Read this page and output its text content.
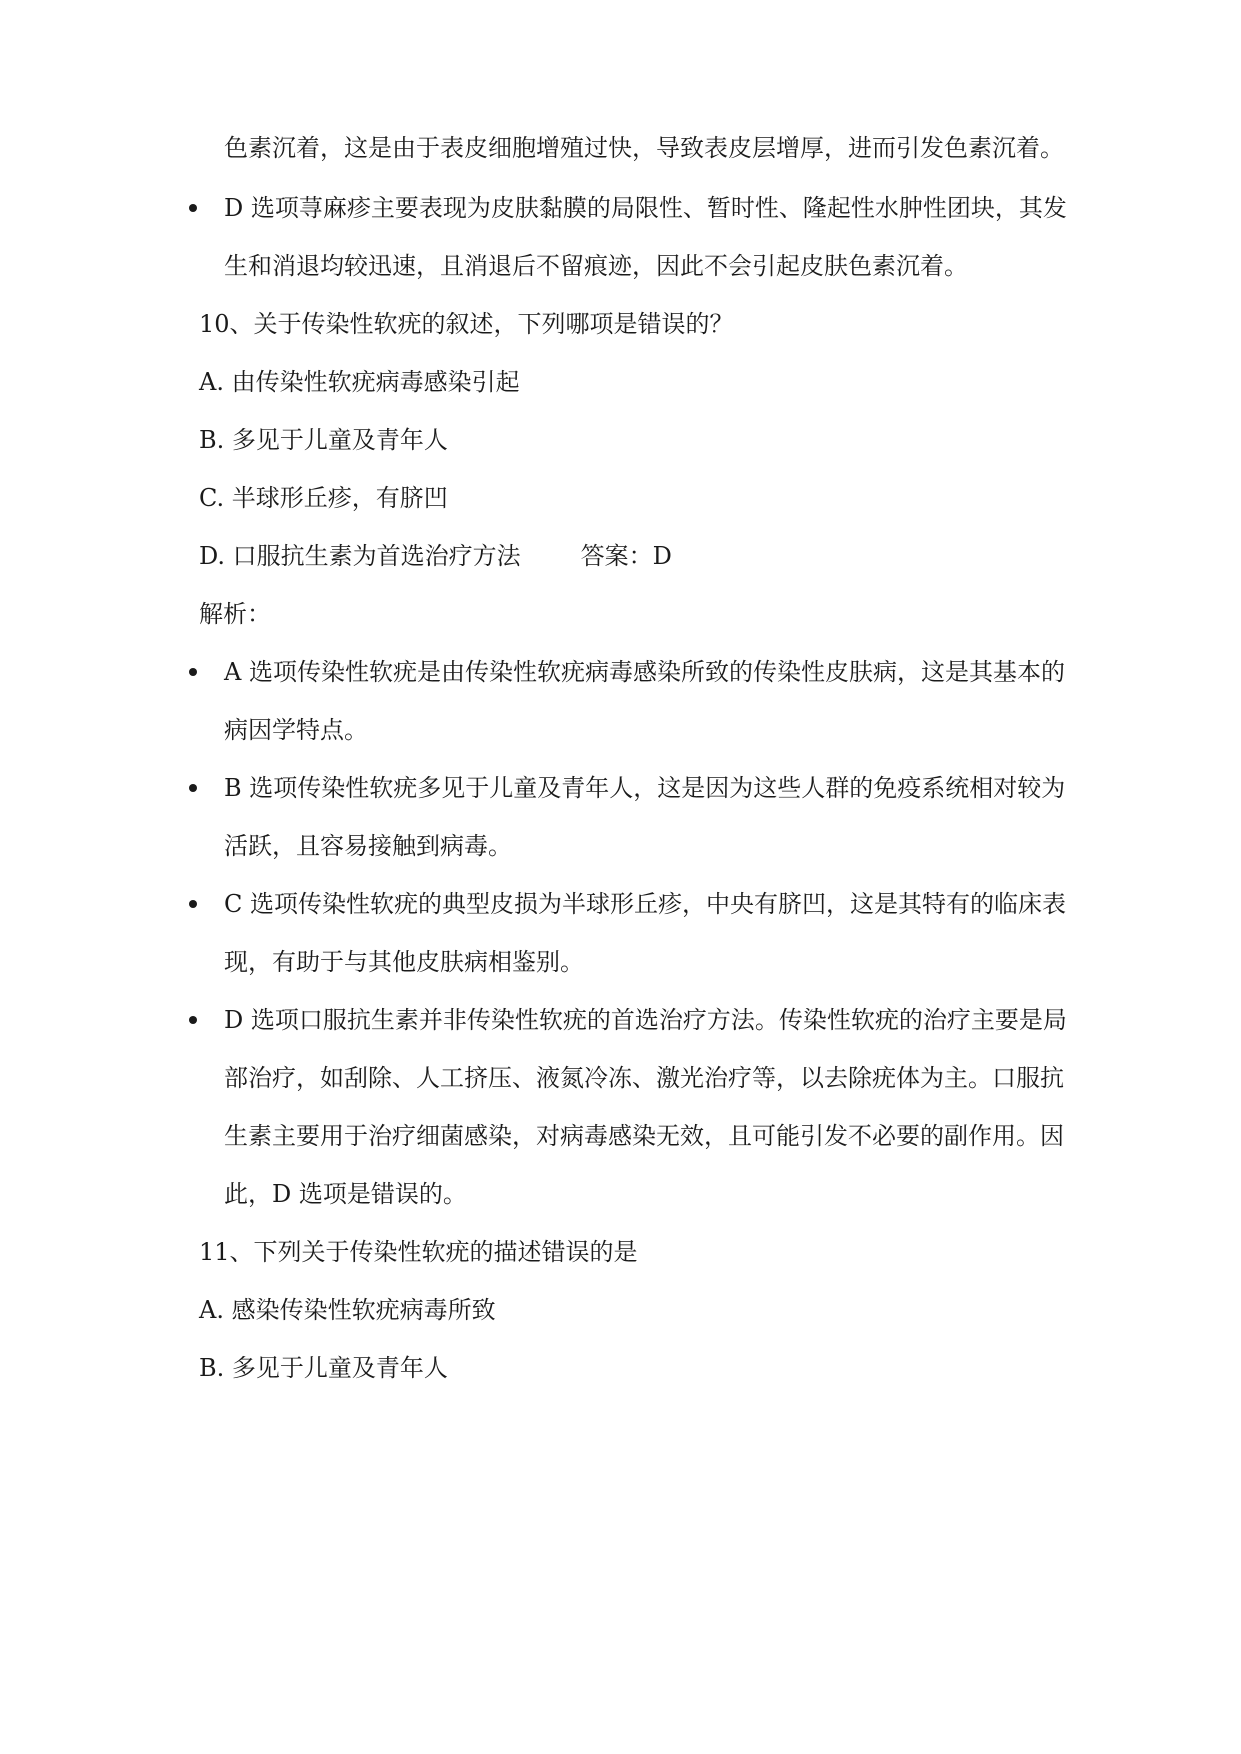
色素沉着，这是由于表皮细胞增殖过快，导致表皮层增厚，进而引发色素沉着。
D 选项荨麻疹主要表现为皮肤黏膜的局限性、暂时性、隆起性水肿性团块，其发
生和消退均较迅速，且消退后不留痕迹，因此不会引起皮肤色素沉着。
10、关于传染性软疣的叙述，下列哪项是错误的？
A. 由传染性软疣病毒感染引起
B. 多见于儿童及青年人
C. 半球形丘疹，有脐凹
D. 口服抗生素为首选治疗方法	答案：D
解析：
A 选项传染性软疣是由传染性软疣病毒感染所致的传染性皮肤病，这是其基本的
病因学特点。
B 选项传染性软疣多见于儿童及青年人，这是因为这些人群的免疫系统相对较为
活跃，且容易接触到病毒。
C 选项传染性软疣的典型皮损为半球形丘疹，中央有脐凹，这是其特有的临床表
现，有助于与其他皮肤病相鉴别。
D 选项口服抗生素并非传染性软疣的首选治疗方法。传染性软疣的治疗主要是局
部治疗，如刮除、人工挤压、液氮冷冻、激光治疗等，以去除疣体为主。口服抗
生素主要用于治疗细菌感染，对病毒感染无效，且可能引发不必要的副作用。因
此，D 选项是错误的。
11、下列关于传染性软疣的描述错误的是
A. 感染传染性软疣病毒所致
B. 多见于儿童及青年人
